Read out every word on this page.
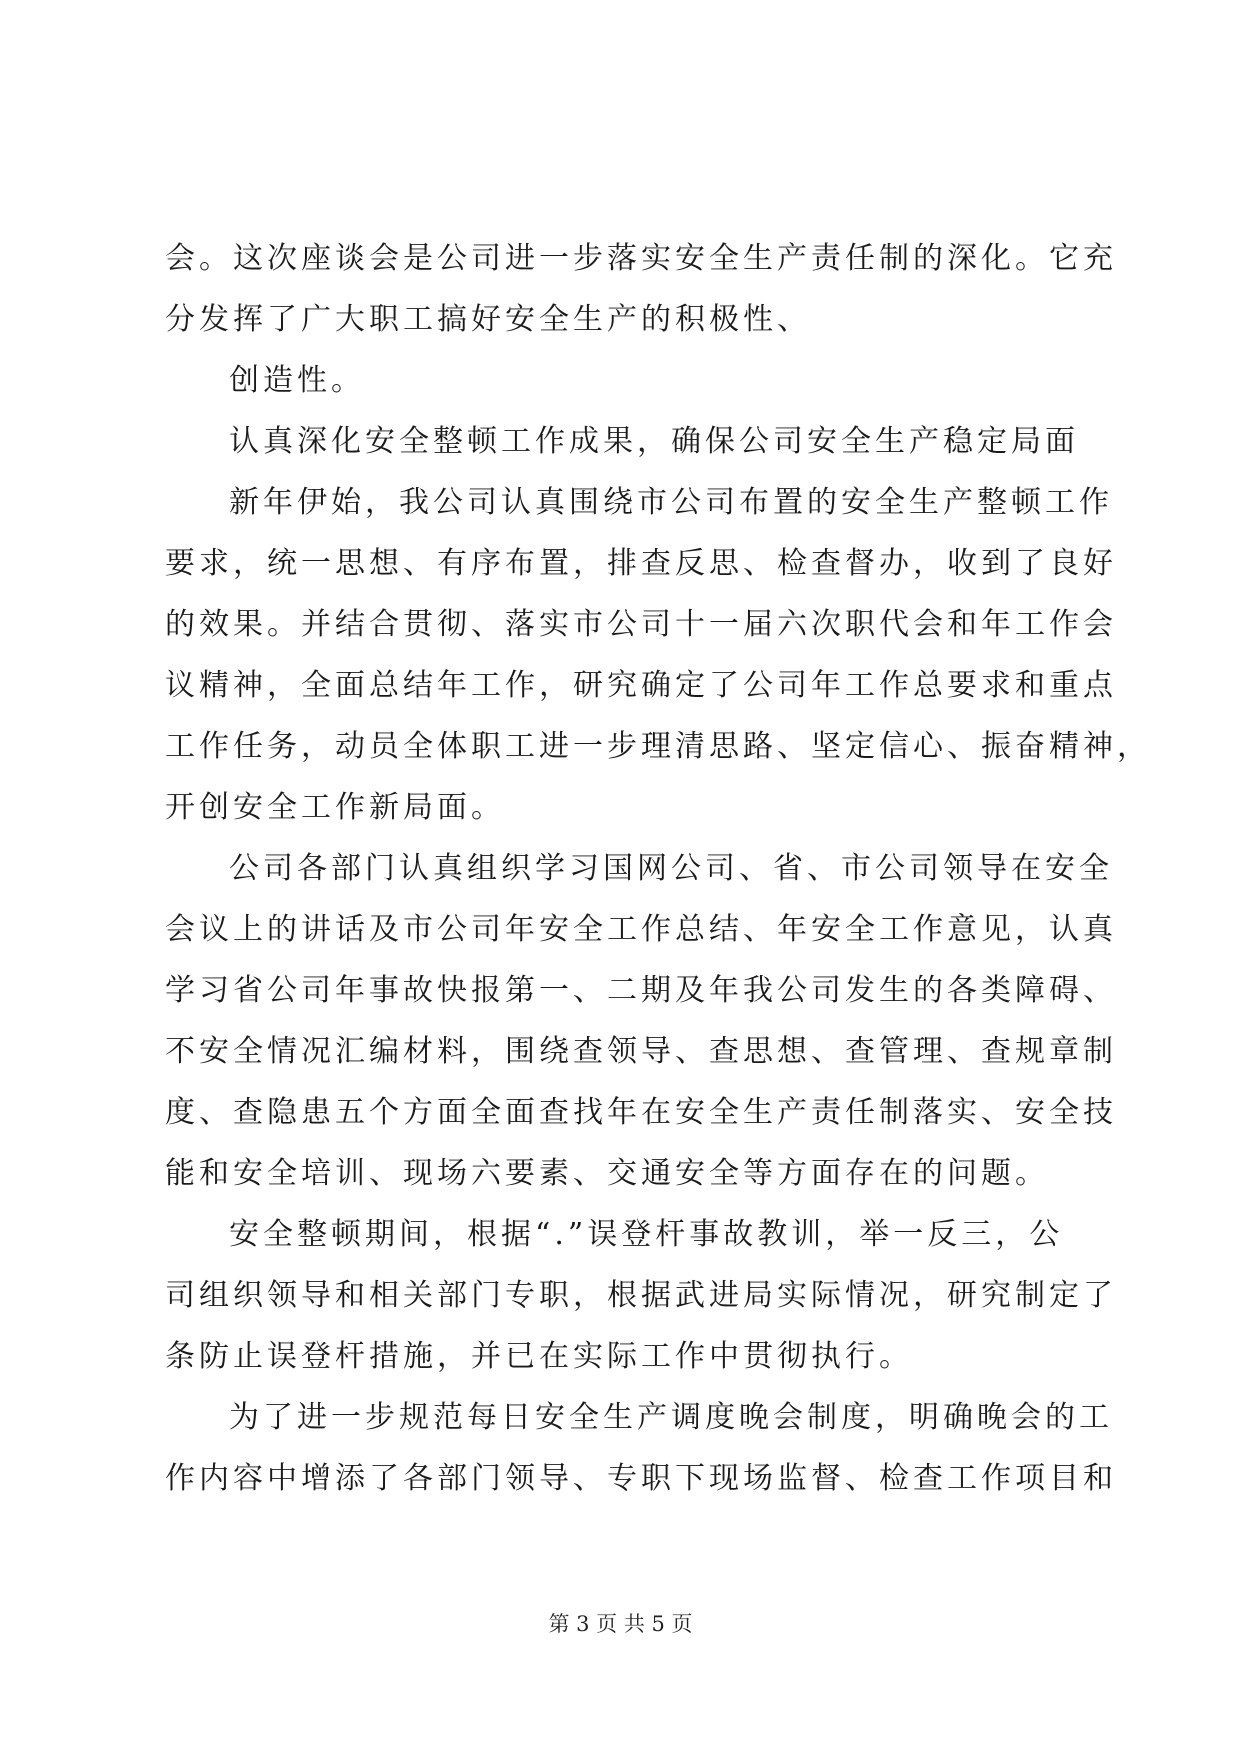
会。这次座谈会是公司进一步落实安全生产责任制的深化。它充
分发挥了广大职工搞好安全生产的积极性、
创造性。
认真深化安全整顿工作成果，确保公司安全生产稳定局面
新年伊始，我公司认真围绕市公司布置的安全生产整顿工作
要求，统一思想、有序布置，排查反思、检查督办，收到了良好
的效果。并结合贯彻、落实市公司十一届六次职代会和年工作会
议精神，全面总结年工作，研究确定了公司年工作总要求和重点
工作任务，动员全体职工进一步理清思路、坚定信心、振奋精神，
开创安全工作新局面。
公司各部门认真组织学习国网公司、省、市公司领导在安全
会议上的讲话及市公司年安全工作总结、年安全工作意见，认真
学习省公司年事故快报第一、二期及年我公司发生的各类障碍、
不安全情况汇编材料，围绕查领导、查思想、查管理、查规章制
度、查隐患五个方面全面查找年在安全生产责任制落实、安全技
能和安全培训、现场六要素、交通安全等方面存在的问题。
安全整顿期间，根据“.”误登杆事故教训，举一反三，公
司组织领导和相关部门专职，根据武进局实际情况，研究制定了
条防止误登杆措施，并已在实际工作中贯彻执行。
为了进一步规范每日安全生产调度晚会制度，明确晚会的工
作内容中增添了各部门领导、专职下现场监督、检查工作项目和
第 3 页 共 5 页
